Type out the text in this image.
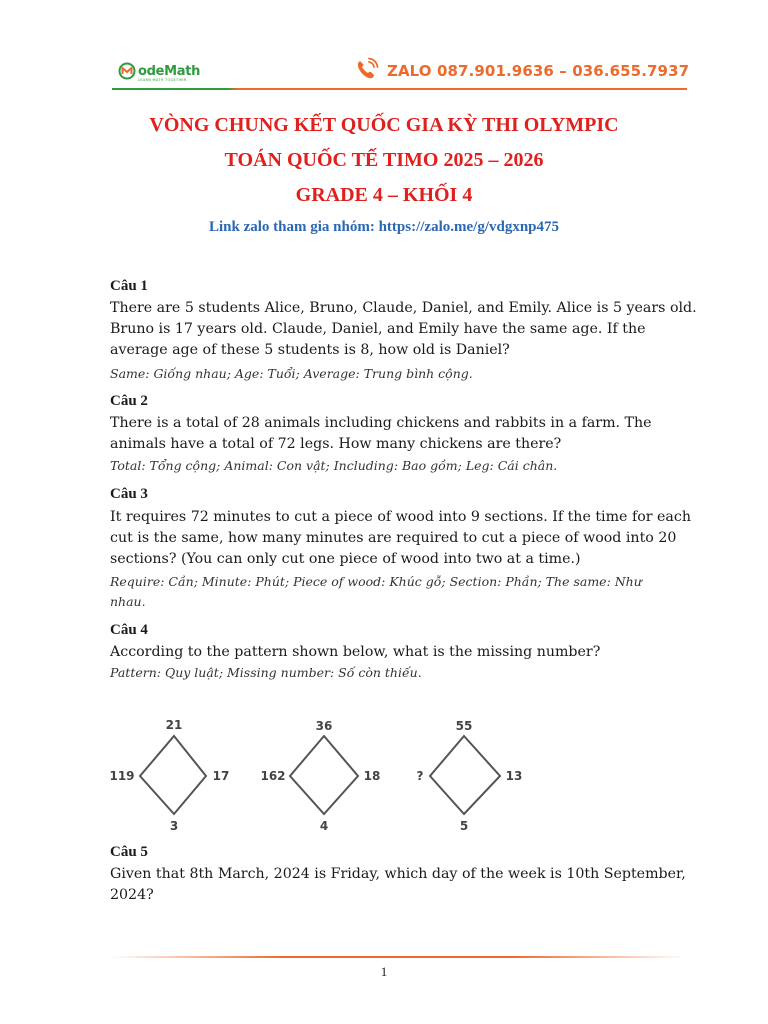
odeMath
LEARN MATH TOGETHER	ZALO 087.901.9636 – 036.655.7937
VÒNG CHUNG KẾT QUỐC GIA KỲ THI OLYMPIC
TOÁN QUỐC TẾ TIMO 2025 – 2026
GRADE 4 – KHỐI 4
Link zalo tham gia nhóm: https://zalo.me/g/vdgxnp475
Câu 1
There are 5 students Alice, Bruno, Claude, Daniel, and Emily. Alice is 5 years old.
Bruno is 17 years old. Claude, Daniel, and Emily have the same age. If the
average age of these 5 students is 8, how old is Daniel?
Same: Giống nhau; Age: Tuổi; Average: Trung bình cộng.
Câu 2
There is a total of 28 animals including chickens and rabbits in a farm. The
animals have a total of 72 legs. How many chickens are there?
Total: Tổng cộng; Animal: Con vật; Including: Bao gồm; Leg: Cái chân.
Câu 3
It requires 72 minutes to cut a piece of wood into 9 sections. If the time for each
cut is the same, how many minutes are required to cut a piece of wood into 20
sections? (You can only cut one piece of wood into two at a time.)
Require: Cần; Minute: Phút; Piece of wood: Khúc gỗ; Section: Phần; The same: Như
nhau.
Câu 4
According to the pattern shown below, what is the missing number?
Pattern: Quy luật; Missing number: Số còn thiếu.
21
119	17
3
36
162	18
4
55
?	13
5
Câu 5
Given that 8th March, 2024 is Friday, which day of the week is 10th September,
2024?
1
